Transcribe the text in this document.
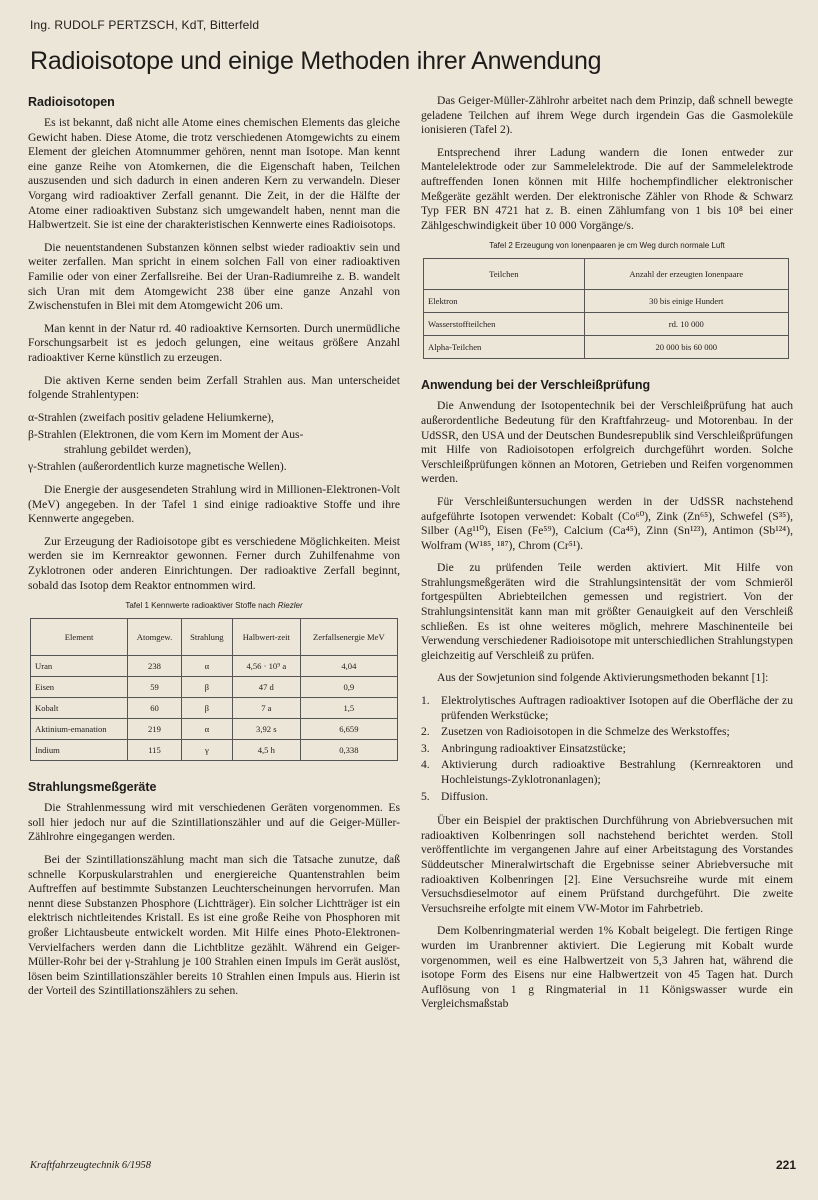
Ing. RUDOLF PERTZSCH, KdT, Bitterfeld
Radioisotope und einige Methoden ihrer Anwendung
Radioisotopen

Es ist bekannt, daß nicht alle Atome eines chemischen Elements das gleiche Gewicht haben. Diese Atome, die trotz verschiedenen Atomgewichts zu einem Element der gleichen Atomnummer gehören, nennt man Isotope. Man kennt eine ganze Reihe von Atomkernen, die die Eigenschaft haben, Teilchen auszusenden und sich dadurch in einen anderen Kern zu verwandeln. Dieser Vorgang wird radioaktiver Zerfall genannt. Die Zeit, in der die Hälfte der Atome einer radioaktiven Substanz sich umgewandelt haben, nennt man die Halbwertzeit. Sie ist eine der charakteristischen Kennwerte eines Radioisotops.

Die neuentstandenen Substanzen können selbst wieder radioaktiv sein und weiter zerfallen. Man spricht in einem solchen Fall von einer radioaktiven Familie oder von einer Zerfallsreihe. Bei der Uran-Radiumreihe z. B. wandelt sich Uran mit dem Atomgewicht 238 über eine ganze Anzahl von Zwischenstufen in Blei mit dem Atomgewicht 206 um.

Man kennt in der Natur rd. 40 radioaktive Kernsorten. Durch unermüdliche Forschungsarbeit ist es jedoch gelungen, eine weitaus größere Anzahl radioaktiver Kerne künstlich zu erzeugen.

Die aktiven Kerne senden beim Zerfall Strahlen aus. Man unterscheidet folgende Strahlentypen:

α-Strahlen (zweifach positiv geladene Heliumkerne),

β-Strahlen (Elektronen, die vom Kern im Moment der Aus-
strahlung gebildet werden),

γ-Strahlen (außerordentlich kurze magnetische Wellen).

Die Energie der ausgesendeten Strahlung wird in Millionen-Elektronen-Volt (MeV) angegeben. In der Tafel 1 sind einige radioaktive Stoffe und ihre Kennwerte angegeben.

Zur Erzeugung der Radioisotope gibt es verschiedene Möglichkeiten. Meist werden sie im Kernreaktor gewonnen. Ferner durch Zuhilfenahme von Zyklotronen oder anderen Einrichtungen. Der radioaktive Zerfall beginnt, sobald das Isotop dem Reaktor entnommen wird.

Tafel 1 Kennwerte radioaktiver Stoffe nach Riezler
Element	Atomgew.	Strahlung	Halbwert-zeit	Zerfallsenergie MeV
Uran	238	α	4,56 · 10⁹ a	4,04
Eisen	59	β	47 d	0,9
Kobalt	60	β	7 a	1,5
Aktinium-emanation	219	α	3,92 s	6,659
Indium	115	γ	4,5 h	0,338
Strahlungsmeßgeräte

Die Strahlenmessung wird mit verschiedenen Geräten vorgenommen. Es soll hier jedoch nur auf die Szintillationszähler und auf die Geiger-Müller-Zählrohre eingegangen werden.

Bei der Szintillationszählung macht man sich die Tatsache zunutze, daß schnelle Korpuskularstrahlen und energiereiche Quantenstrahlen beim Auftreffen auf bestimmte Substanzen Leuchterscheinungen hervorrufen. Man nennt diese Substanzen Phosphore (Lichtträger). Ein solcher Lichtträger ist ein elektrisch nichtleitendes Kristall. Es ist eine große Reihe von Phosphoren mit großer Lichtausbeute entwickelt worden. Mit Hilfe eines Photo-Elektronen-Vervielfachers werden dann die Lichtblitze gezählt. Während ein Geiger-Müller-Rohr bei der γ-Strahlung je 100 Strahlen einen Impuls im Gerät auslöst, lösen beim Szintillationszähler bereits 10 Strahlen einen Impuls aus. Hierin ist der Vorteil des Szintillationszählers zu sehen.

Das Geiger-Müller-Zählrohr arbeitet nach dem Prinzip, daß schnell bewegte geladene Teilchen auf ihrem Wege durch irgendein Gas die Gasmoleküle ionisieren (Tafel 2).

Entsprechend ihrer Ladung wandern die Ionen entweder zur Mantelelektrode oder zur Sammelelektrode. Die auf der Sammelelektrode auftreffenden Ionen können mit Hilfe hochempfindlicher elektronischer Meßgeräte gezählt werden. Der elektronische Zähler von Rhode & Schwarz Typ FER BN 4721 hat z. B. einen Zählumfang von 1 bis 10⁸ bei einer Zählgeschwindigkeit über 10 000 Vorgänge/s.

Tafel 2 Erzeugung von Ionenpaaren je cm Weg durch normale Luft
Teilchen	Anzahl der erzeugten Ionenpaare
Elektron	30 bis einige Hundert
Wasserstoffteilchen	rd. 10 000
Alpha-Teilchen	20 000 bis 60 000
Anwendung bei der Verschleißprüfung

Die Anwendung der Isotopentechnik bei der Verschleißprüfung hat auch außerordentliche Bedeutung für den Kraftfahrzeug- und Motorenbau. In der UdSSR, den USA und der Deutschen Bundesrepublik sind Verschleißprüfungen mit Hilfe von Radioisotopen erfolgreich durchgeführt worden. Solche Verschleißprüfungen können an Motoren, Getrieben und Reifen vorgenommen werden.

Für Verschleißuntersuchungen werden in der UdSSR nachstehend aufgeführte Isotopen verwendet: Kobalt (Co⁶⁰), Zink (Zn⁶⁵), Schwefel (S³⁵), Silber (Ag¹¹⁰), Eisen (Fe⁵⁹), Calcium (Ca⁴⁵), Zinn (Sn¹²³), Antimon (Sb¹²⁴), Wolfram (W¹⁸⁵, ¹⁸⁷), Chrom (Cr⁵¹).

Die zu prüfenden Teile werden aktiviert. Mit Hilfe von Strahlungsmeßgeräten wird die Strahlungsintensität der vom Schmieröl fortgespülten Abriebteilchen gemessen und registriert. Von der Strahlungsintensität kann man mit größter Genauigkeit auf den Verschleiß schließen. Es ist ohne weiteres möglich, mehrere Maschinenteile bei Verwendung verschiedener Radioisotope mit unterschiedlichen Strahlungstypen gleichzeitig auf Verschleiß zu prüfen.

Aus der Sowjetunion sind folgende Aktivierungsmethoden bekannt [1]:

1. Elektrolytisches Auftragen radioaktiver Isotopen auf die Oberfläche der zu prüfenden Werkstücke;
2. Zusetzen von Radioisotopen in die Schmelze des Werkstoffes;
3. Anbringung radioaktiver Einsatzstücke;
4. Aktivierung durch radioaktive Bestrahlung (Kernreaktoren und Hochleistungs-Zyklotronanlagen);
5. Diffusion.

Über ein Beispiel der praktischen Durchführung von Abriebversuchen mit radioaktiven Kolbenringen soll nachstehend berichtet werden. Stoll veröffentlichte im vergangenen Jahre auf einer Arbeitstagung des Vorstandes Süddeutscher Mineralwirtschaft die Ergebnisse seiner Abriebversuche mit radioaktiven Kolbenringen [2]. Eine Versuchsreihe wurde mit einem Versuchsdieselmotor auf einem Prüfstand durchgeführt. Die zweite Versuchsreihe erfolgte mit einem VW-Motor im Fahrbetrieb.

Dem Kolbenringmaterial werden 1% Kobalt beigelegt. Die fertigen Ringe wurden im Uranbrenner aktiviert. Die Legierung mit Kobalt wurde vorgenommen, weil es eine Halbwertzeit von 5,3 Jahren hat, während die isotope Form des Eisens nur eine Halbwertzeit von 45 Tagen hat. Durch Auflösung von 1 g Ringmaterial in 11 Königswasser wurde ein Vergleichsmaßstab

Kraftfahrzeugtechnik 6/1958	221
